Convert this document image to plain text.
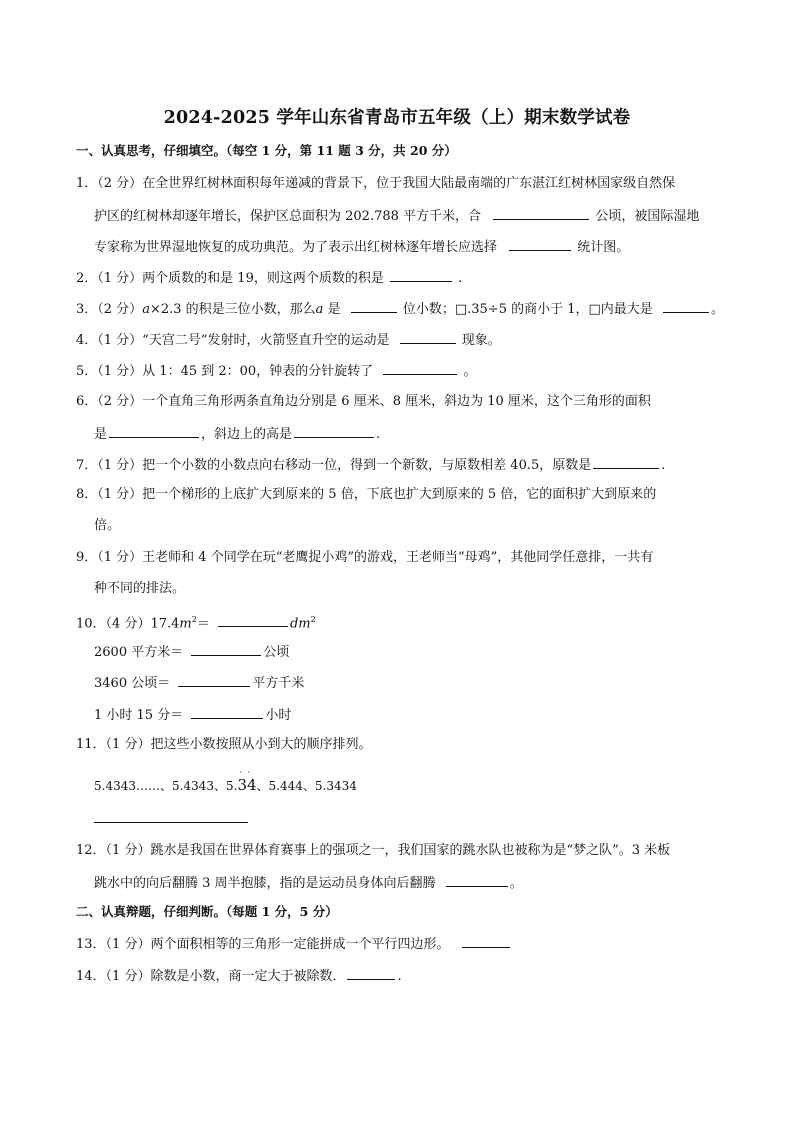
2024-2025 学年山东省青岛市五年级（上）期末数学试卷
一、认真思考，仔细填空。（每空 1 分，第 11 题 3 分，共 20 分）
1．（2 分）在全世界红树林面积每年递减的背景下，位于我国大陆最南端的广东湛江红树林国家级自然保
护区的红树林却逐年增长，保护区总面积为 202.788 平方千米，合	公顷，被国际湿地
专家称为世界湿地恢复的成功典范。为了表示出红树林逐年增长应选择	统计图。
2．（1 分）两个质数的和是 19，则这两个质数的积是	.
3．（2 分）a×2.3 的积是三位小数，那么a 是	位小数；□.35÷5 的商小于 1，□内最大是	。
4．（1 分）“天宫二号”发射时，火箭竖直升空的运动是	现象。
5．（1 分）从 1：45 到 2：00，钟表的分针旋转了	。
6．（2 分）一个直角三角形两条直角边分别是 6 厘米、8 厘米，斜边为 10 厘米，这个三角形的面积
是	，斜边上的高是	.
7．（1 分）把一个小数的小数点向右移动一位，得到一个新数，与原数相差 40.5，原数是	.
8．（1 分）把一个梯形的上底扩大到原来的 5 倍，下底也扩大到原来的 5 倍，它的面积扩大到原来的
倍。
9．（1 分）王老师和 4 个同学在玩“老鹰捉小鸡”的游戏，王老师当“母鸡”，其他同学任意排，一共有
种不同的排法。
10．（4 分）$17.4m^2=$	$dm^2$
2600 平方米＝	公顷
3460 公顷＝	平方千米
1 小时 15 分＝	小时
11．（1 分）把这些小数按照从小到大的顺序排列。
5.4343……、5.4343、5.
· ·
34、5.444、5.3434
12．（1 分）跳水是我国在世界体育赛事上的强项之一，我们国家的跳水队也被称为是“梦之队”。3 米板
跳水中的向后翻腾 3 周半抱膝，指的是运动员身体向后翻腾	。
二、认真辩题，仔细判断。（每题 1 分，5 分）
13．（1 分）两个面积相等的三角形一定能拼成一个平行四边形。
14．（1 分）除数是小数，商一定大于被除数．	.
